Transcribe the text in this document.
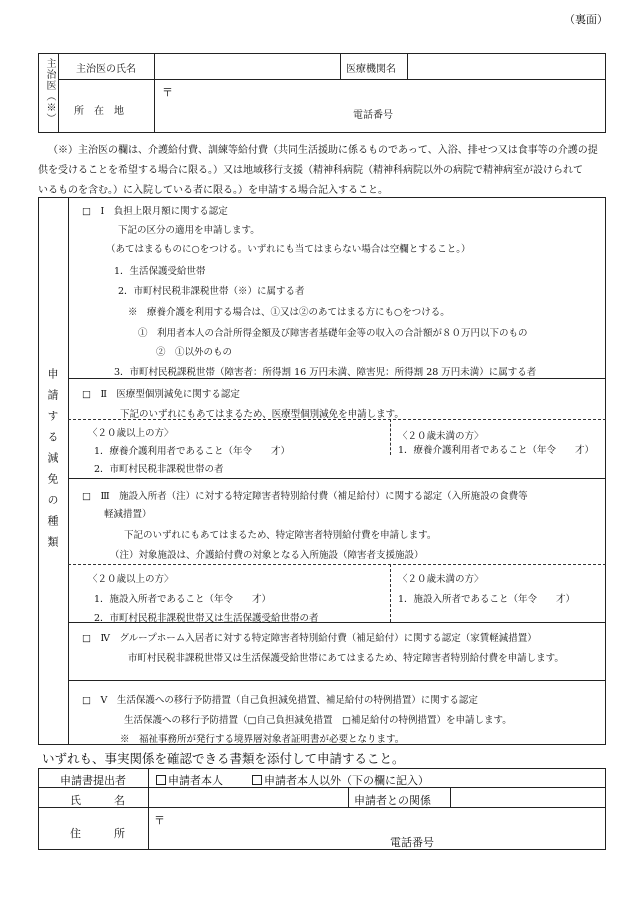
（裏面）
主治医（※） 主治医の氏名	医療機関名
所　在　地
〒
電話番号
（※）主治医の欄は、介護給付費、訓練等給付費（共同生活援助に係るものであって、入浴、排せつ又は食事等の介護の提
供を受けることを希望する場合に限る。）又は地域移行支援（精神科病院（精神科病院以外の病院で精神病室が設けられて
いるものを含む。）に入院している者に限る。）を申請する場合記入すること。
申請する減免の種類
□　Ⅰ　負担上限月額に関する認定
下記の区分の適用を申請します。
（あてはまるものに○をつける。いずれにも当てはまらない場合は空欄とすること。）
1．生活保護受給世帯
2．市町村民税非課税世帯（※）に属する者
※　療養介護を利用する場合は、①又は②のあてはまる方にも○をつける。
①　利用者本人の合計所得金額及び障害者基礎年金等の収入の合計額が８０万円以下のもの
②　①以外のもの
3．市町村民税課税世帯（障害者：所得割 16 万円未満、障害児：所得割 28 万円未満）に属する者
□　Ⅱ　医療型個別減免に関する認定
下記のいずれにもあてはまるため、医療型個別減免を申請します。
〈２０歳以上の方〉
1．療養介護利用者であること（年令　　才）
2．市町村民税非課税世帯の者
〈２０歳未満の方〉
1．療養介護利用者であること（年令　　才）
□　Ⅲ　施設入所者（注）に対する特定障害者特別給付費（補足給付）に関する認定（入所施設の食費等
軽減措置）
下記のいずれにもあてはまるため、特定障害者特別給付費を申請します。
（注）対象施設は、介護給付費の対象となる入所施設（障害者支援施設）
〈２０歳以上の方〉
1．施設入所者であること（年令　　才）
2．市町村民税非課税世帯又は生活保護受給世帯の者
〈２０歳未満の方〉
1．施設入所者であること（年令　　才）
□　Ⅳ　グループホーム入居者に対する特定障害者特別給付費（補足給付）に関する認定（家賃軽減措置）
市町村民税非課税世帯又は生活保護受給世帯にあてはまるため、特定障害者特別給付費を申請します。
□　Ⅴ　生活保護への移行予防措置（自己負担減免措置、補足給付の特例措置）に関する認定
生活保護への移行予防措置（□自己負担減免措置　□補足給付の特例措置）を申請します。
※　福祉事務所が発行する境界層対象者証明書が必要となります。
いずれも、事実関係を確認できる書類を添付して申請すること。
申請書提出者	申請者本人	申請者本人以外（下の欄に記入）
氏　　　名	申請者との関係
住　　　所
〒
電話番号
